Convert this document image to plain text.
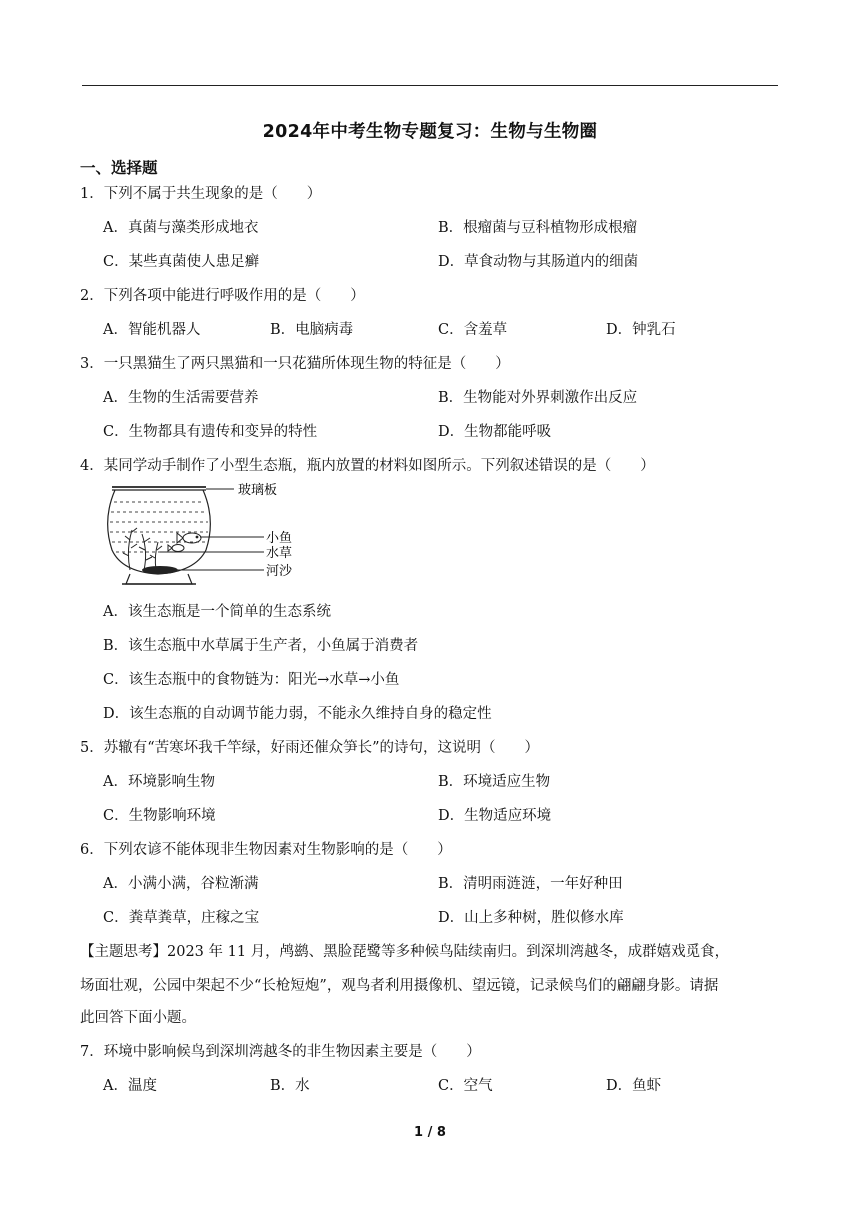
2024年中考生物专题复习：生物与生物圈
一、选择题
1．下列不属于共生现象的是（　　）
A．真菌与藻类形成地衣	B．根瘤菌与豆科植物形成根瘤
C．某些真菌使人患足癣	D．草食动物与其肠道内的细菌
2．下列各项中能进行呼吸作用的是（　　）
A．智能机器人	B．电脑病毒	C．含羞草	D．钟乳石
3．一只黑猫生了两只黑猫和一只花猫所体现生物的特征是（　　）
A．生物的生活需要营养	B．生物能对外界刺激作出反应
C．生物都具有遗传和变异的特性	D．生物都能呼吸
4．某同学动手制作了小型生态瓶，瓶内放置的材料如图所示。下列叙述错误的是（　　）
玻璃板
小鱼
水草
河沙
A．该生态瓶是一个简单的生态系统
B．该生态瓶中水草属于生产者，小鱼属于消费者
C．该生态瓶中的食物链为：阳光→水草→小鱼
D．该生态瓶的自动调节能力弱，不能永久维持自身的稳定性
5．苏辙有“苦寒坏我千竿绿，好雨还催众笋长”的诗句，这说明（　　）
A．环境影响生物	B．环境适应生物
C．生物影响环境	D．生物适应环境
6．下列农谚不能体现非生物因素对生物影响的是（　　）
A．小满小满，谷粒渐满	B．清明雨涟涟，一年好种田
C．粪草粪草，庄稼之宝	D．山上多种树，胜似修水库
【主题思考】2023 年 11 月，鸬鹚、黑脸琵鹭等多种候鸟陆续南归。到深圳湾越冬，成群嬉戏觅食，
场面壮观，公园中架起不少“长枪短炮”，观鸟者利用摄像机、望远镜，记录候鸟们的翩翩身影。请据
此回答下面小题。
7．环境中影响候鸟到深圳湾越冬的非生物因素主要是（　　）
A．温度	B．水	C．空气	D．鱼虾
1 / 8
